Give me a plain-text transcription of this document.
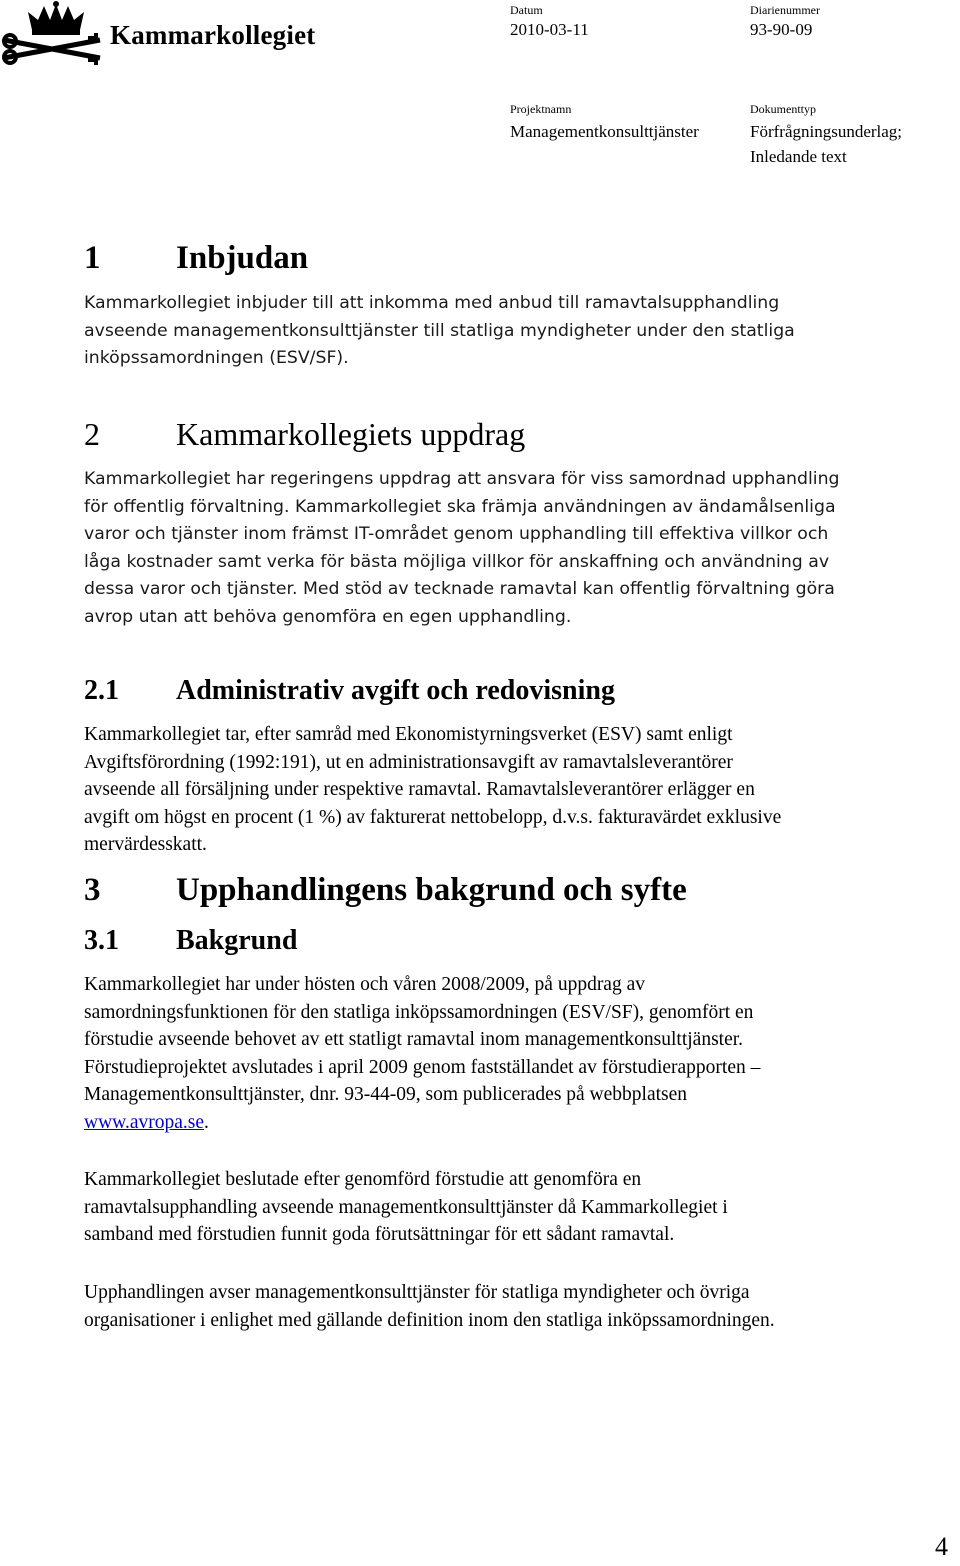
Kammarkollegiet
Datum
2010-03-11
Diarienummer
93-90-09
Projektnamn
Managementkonsulttjänster
Dokumenttyp
Förfrågningsunderlag;
Inledande text
1 Inbjudan

Kammarkollegiet inbjuder till att inkomma med anbud till ramavtalsupphandling
avseende managementkonsulttjänster till statliga myndigheter under den statliga
inköpssamordningen (ESV/SF).

2 Kammarkollegiets uppdrag

Kammarkollegiet har regeringens uppdrag att ansvara för viss samordnad upphandling
för offentlig förvaltning. Kammarkollegiet ska främja användningen av ändamålsenliga
varor och tjänster inom främst IT-området genom upphandling till effektiva villkor och
låga kostnader samt verka för bästa möjliga villkor för anskaffning och användning av
dessa varor och tjänster. Med stöd av tecknade ramavtal kan offentlig förvaltning göra
avrop utan att behöva genomföra en egen upphandling.

2.1 Administrativ avgift och redovisning

Kammarkollegiet tar, efter samråd med Ekonomistyrningsverket (ESV) samt enligt
Avgiftsförordning (1992:191), ut en administrationsavgift av ramavtalsleverantörer
avseende all försäljning under respektive ramavtal. Ramavtalsleverantörer erlägger en
avgift om högst en procent (1 %) av fakturerat nettobelopp, d.v.s. fakturavärdet exklusive
mervärdesskatt.

3 Upphandlingens bakgrund och syfte
3.1 Bakgrund

Kammarkollegiet har under hösten och våren 2008/2009, på uppdrag av
samordningsfunktionen för den statliga inköpssamordningen (ESV/SF), genomfört en
förstudie avseende behovet av ett statligt ramavtal inom managementkonsulttjänster.
Förstudieprojektet avslutades i april 2009 genom fastställandet av förstudierapporten –
Managementkonsulttjänster, dnr. 93-44-09, som publicerades på webbplatsen
www.avropa.se.

Kammarkollegiet beslutade efter genomförd förstudie att genomföra en
ramavtalsupphandling avseende managementkonsulttjänster då Kammarkollegiet i
samband med förstudien funnit goda förutsättningar för ett sådant ramavtal.

Upphandlingen avser managementkonsulttjänster för statliga myndigheter och övriga
organisationer i enlighet med gällande definition inom den statliga inköpssamordningen.

4
